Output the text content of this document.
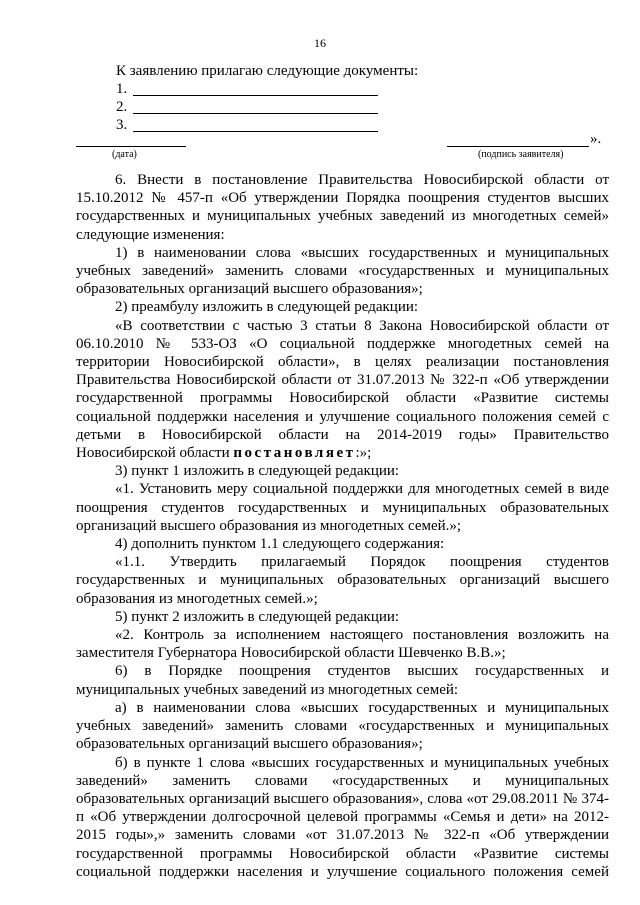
16
К заявлению прилагаю следующие документы:
1.
2.
3.
».
(дата)	(подпись заявителя)

6. Внести в постановление Правительства Новосибирской области от 15.10.2012 № 457-п «Об утверждении Порядка поощрения студентов высших государственных и муниципальных учебных заведений из многодетных семей» следующие изменения:

1) в наименовании слова «высших государственных и муниципальных учебных заведений» заменить словами «государственных и муниципальных образовательных организаций высшего образования»;

2) преамбулу изложить в следующей редакции:

«В соответствии с частью 3 статьи 8 Закона Новосибирской области от 06.10.2010 № 533-ОЗ «О социальной поддержке многодетных семей на территории Новосибирской области», в целях реализации постановления Правительства Новосибирской области от 31.07.2013 № 322-п «Об утверждении государственной программы Новосибирской области «Развитие системы социальной поддержки населения и улучшение социального положения семей с детьми в Новосибирской области на 2014-2019 годы» Правительство Новосибирской области постановляет:»;

3) пункт 1 изложить в следующей редакции:

«1. Установить меру социальной поддержки для многодетных семей в виде поощрения студентов государственных и муниципальных образовательных организаций высшего образования из многодетных семей.»;

4) дополнить пунктом 1.1 следующего содержания:

«1.1. Утвердить прилагаемый Порядок поощрения студентов государственных и муниципальных образовательных организаций высшего образования из многодетных семей.»;

5) пункт 2 изложить в следующей редакции:

«2. Контроль за исполнением настоящего постановления возложить на заместителя Губернатора Новосибирской области Шевченко В.В.»;

6) в Порядке поощрения студентов высших государственных и муниципальных учебных заведений из многодетных семей:

а) в наименовании слова «высших государственных и муниципальных учебных заведений» заменить словами «государственных и муниципальных образовательных организаций высшего образования»;

б) в пункте 1 слова «высших государственных и муниципальных учебных заведений» заменить словами «государственных и муниципальных образовательных организаций высшего образования», слова «от 29.08.2011 № 374-п «Об утверждении долгосрочной целевой программы «Семья и дети» на 2012-2015 годы»,» заменить словами «от 31.07.2013 № 322-п «Об утверждении государственной программы Новосибирской области «Развитие системы социальной поддержки населения и улучшение социального положения семей
